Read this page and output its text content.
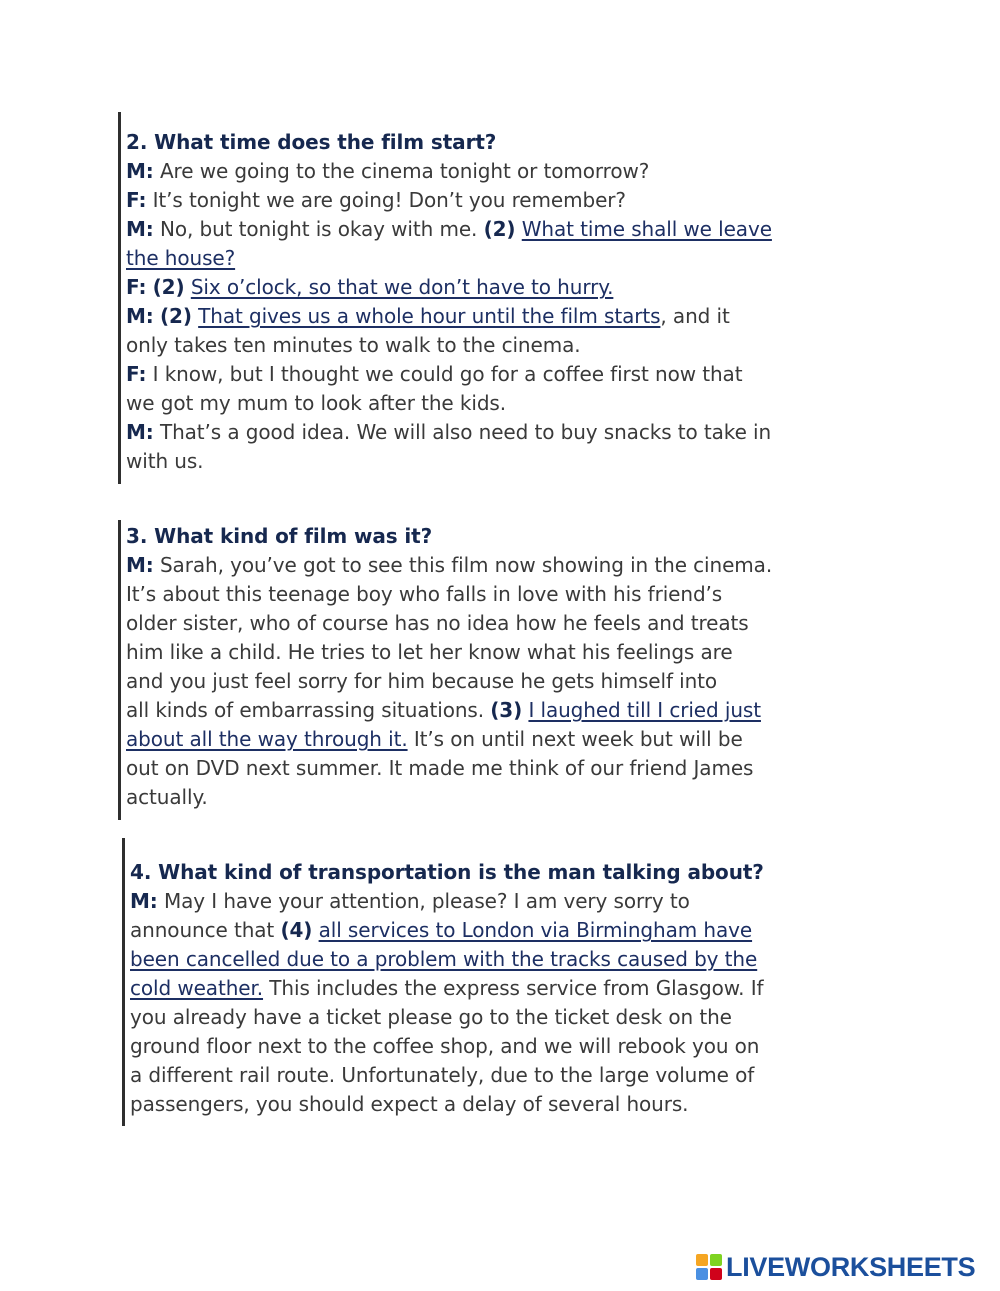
2. What time does the film start?
M: Are we going to the cinema tonight or tomorrow?
F: It’s tonight we are going! Don’t you remember?
M: No, but tonight is okay with me. (2) What time shall we leave
the house?
F: (2) Six o’clock, so that we don’t have to hurry.
M: (2) That gives us a whole hour until the film starts, and it
only takes ten minutes to walk to the cinema.
F: I know, but I thought we could go for a coffee first now that
we got my mum to look after the kids.
M: That’s a good idea. We will also need to buy snacks to take in
with us.
3. What kind of film was it?
M: Sarah, you’ve got to see this film now showing in the cinema.
It’s about this teenage boy who falls in love with his friend’s
older sister, who of course has no idea how he feels and treats
him like a child. He tries to let her know what his feelings are
and you just feel sorry for him because he gets himself into
all kinds of embarrassing situations. (3) I laughed till I cried just
about all the way through it. It’s on until next week but will be
out on DVD next summer. It made me think of our friend James
actually.
4. What kind of transportation is the man talking about?
M: May I have your attention, please? I am very sorry to
announce that (4) all services to London via Birmingham have
been cancelled due to a problem with the tracks caused by the
cold weather. This includes the express service from Glasgow. If
you already have a ticket please go to the ticket desk on the
ground floor next to the coffee shop, and we will rebook you on
a different rail route. Unfortunately, due to the large volume of
passengers, you should expect a delay of several hours.
LIVEWORKSHEETS
